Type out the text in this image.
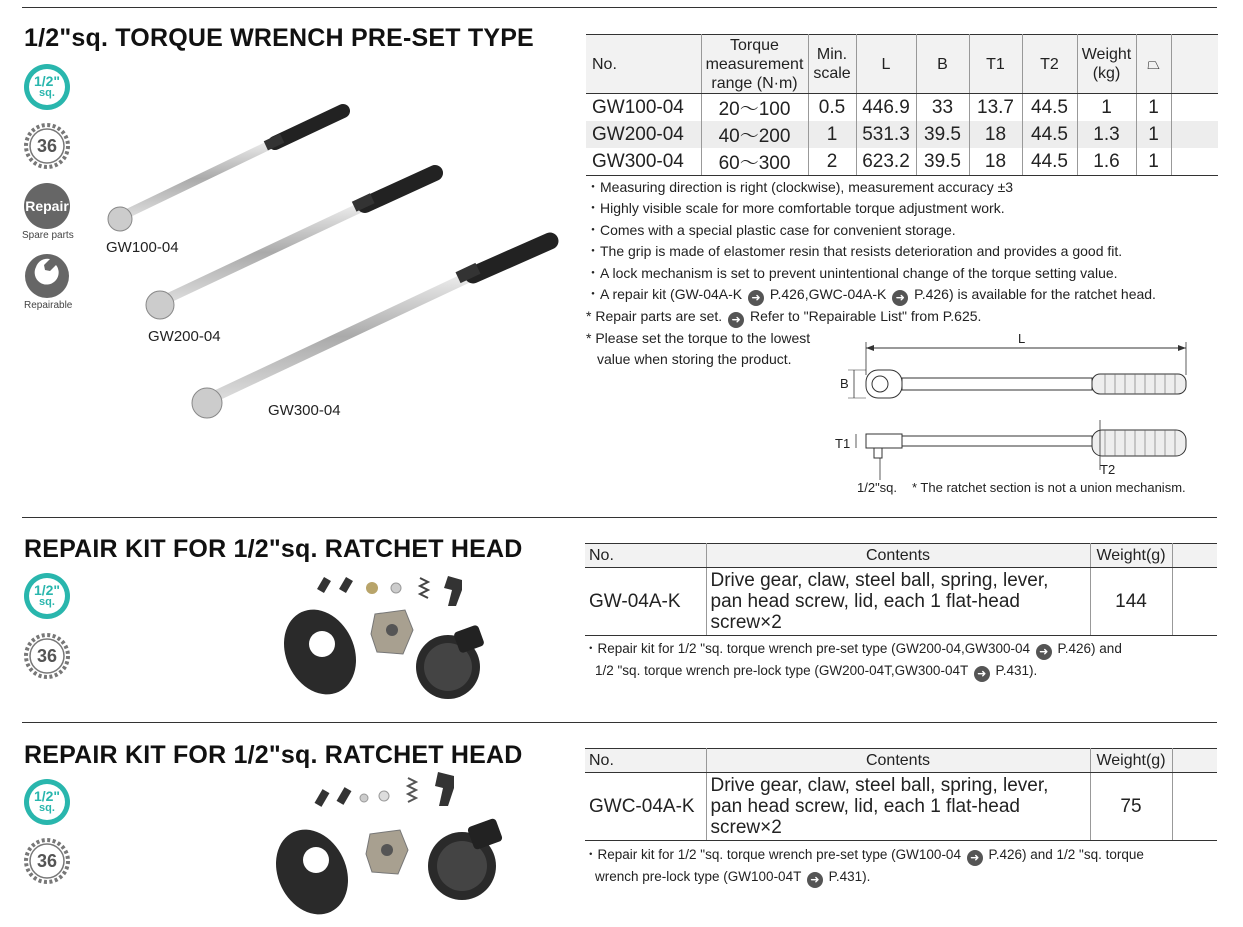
1/2"sq. TORQUE WRENCH PRE-SET TYPE
1/2"
sq.
36
Repair
Spare parts
Repairable
GW100-04
GW200-04
GW300-04
No.	Torque measurement range (N·m)	Min. scale	L	B	T1	T2	Weight (kg)	⏢	
GW100-04	20～100	0.5	446.9	33	13.7	44.5	1	1	
GW200-04	40～200	1	531.3	39.5	18	44.5	1.3	1	
GW300-04	60～300	2	623.2	39.5	18	44.5	1.6	1	
・Measuring direction is right (clockwise), measurement accuracy ±3
・Highly visible scale for more comfortable torque adjustment work.
・Comes with a special plastic case for convenient storage.
・The grip is made of elastomer resin that resists deterioration and provides a good fit.
・A lock mechanism is set to prevent unintentional change of the torque setting value.
・A repair kit (GW-04A-K ➜ P.426,GWC-04A-K ➜ P.426) is available for the ratchet head.
* Repair parts are set. ➜ Refer to "Repairable List" from P.625.
* Please set the torque to the lowest
value when storing the product.
L
B
T1
T2
1/2"sq. * The ratchet section is not a union mechanism.
REPAIR KIT FOR 1/2"sq. RATCHET HEAD
1/2"
sq.
36
No.	Contents	Weight(g)	
GW-04A-K	Drive gear, claw, steel ball, spring, lever,
pan head screw, lid, each 1 flat-head
screw×2	144	
・Repair kit for 1/2 "sq. torque wrench pre-set type (GW200-04,GW300-04 ➜ P.426) and
1/2 "sq. torque wrench pre-lock type (GW200-04T,GW300-04T ➜ P.431).
REPAIR KIT FOR 1/2"sq. RATCHET HEAD
1/2"
sq.
36
No.	Contents	Weight(g)	
GWC-04A-K	Drive gear, claw, steel ball, spring, lever,
pan head screw, lid, each 1 flat-head
screw×2	75	
・Repair kit for 1/2 "sq. torque wrench pre-set type (GW100-04 ➜ P.426) and 1/2 "sq. torque
wrench pre-lock type (GW100-04T ➜ P.431).
